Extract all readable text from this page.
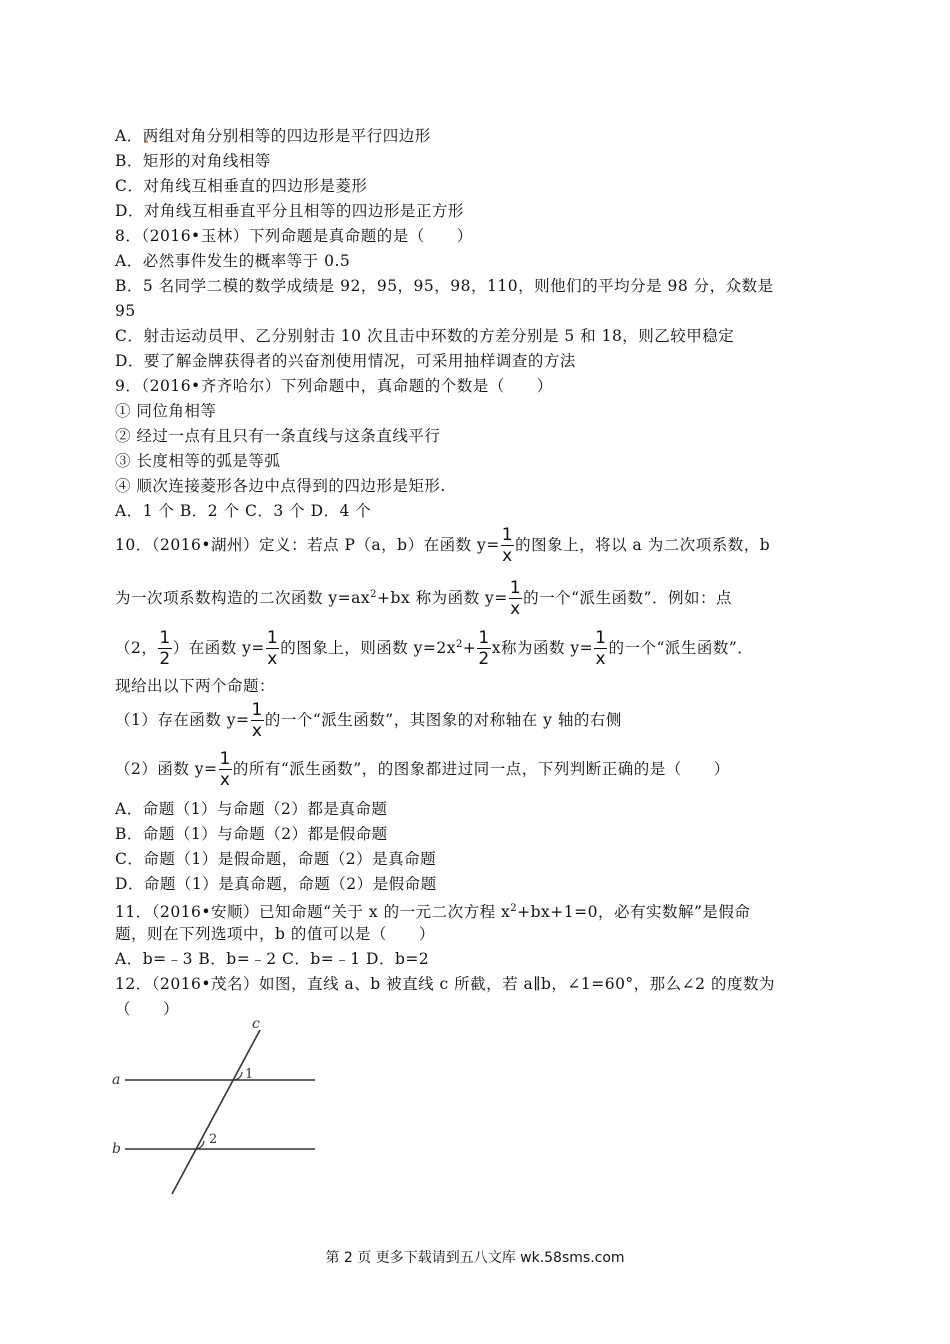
A．两组对角分别相等的四边形是平行四边形
B．矩形的对角线相等
C．对角线互相垂直的四边形是菱形
D．对角线互相垂直平分且相等的四边形是正方形
8．（2016•玉林）下列命题是真命题的是（　　）
A．必然事件发生的概率等于 0.5
B．5 名同学二模的数学成绩是 92，95，95，98，110，则他们的平均分是 98 分，众数是
95
C．射击运动员甲、乙分别射击 10 次且击中环数的方差分别是 5 和 18，则乙较甲稳定
D．要了解金牌获得者的兴奋剂使用情况，可采用抽样调查的方法
9．（2016•齐齐哈尔）下列命题中，真命题的个数是（　　）
① 同位角相等
② 经过一点有且只有一条直线与这条直线平行
③ 长度相等的弧是等弧
④ 顺次连接菱形各边中点得到的四边形是矩形.
A．1 个 B．2 个 C．3 个 D．4 个
10．（2016•湖州）定义：若点 P（a，b）在函数 $y= \frac{1}{x}$ 的图象上，将以 a 为二次项系数，b
为一次项系数构造的二次函数 $y=ax^2+bx$ 称为函数 $y= \frac{1}{x}$ 的一个“派生函数”．例如：点
（2， $\frac{1}{2}$ ）在函数 $y= \frac{1}{x}$ 的图象上，则函数 $y=2x^2+ \frac{1}{2}$ x称为函数 $y= \frac{1}{x}$ 的一个“派生函数”．
现给出以下两个命题：
（1）存在函数 $y= \frac{1}{x}$ 的一个“派生函数”，其图象的对称轴在 y 轴的右侧
（2）函数 $y= \frac{1}{x}$ 的所有“派生函数”，的图象都进过同一点，下列判断正确的是（　　）
A．命题（1）与命题（2）都是真命题
B．命题（1）与命题（2）都是假命题
C．命题（1）是假命题，命题（2）是真命题
D．命题（1）是真命题，命题（2）是假命题
11．（2016•安顺）已知命题“关于 x 的一元二次方程 $x^2+bx+1=0$，必有实数解”是假命
题，则在下列选项中，b 的值可以是（　　）
A．b=﹣3 B．b=﹣2 C．b=﹣1 D．b=2
12．（2016•茂名）如图，直线 a、b 被直线 c 所截，若 a∥b，∠1=60°，那么∠2 的度数为
（　　）
a
b
c
1
2
第 2 页 更多下载请到五八文库 wk.58sms.com
